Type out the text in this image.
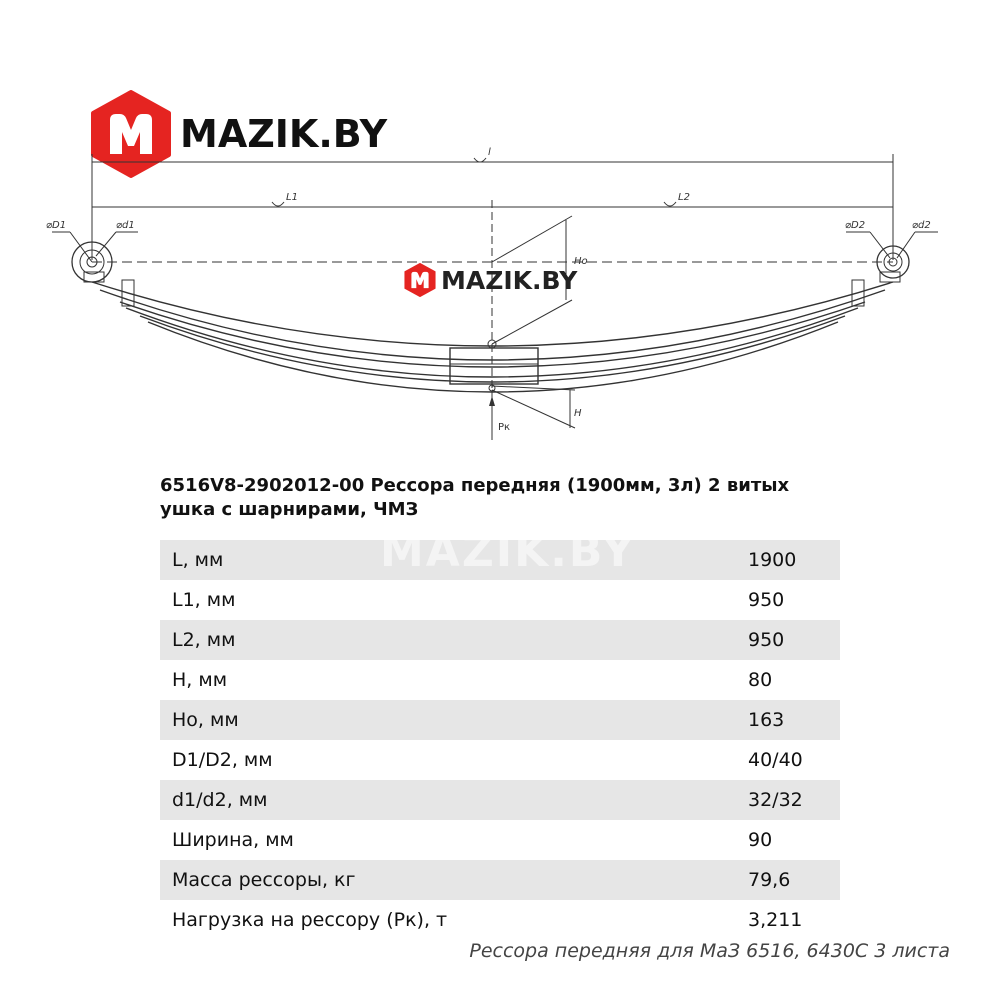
MAZIK.BY	l
L1	L2
⌀D1	⌀d1	⌀D2	⌀d2
Ho
H
Pк
MAZIK.BY
6516V8-2902012-00 Рессора передняя (1900мм, 3л) 2 витых ушка с шарнирами, ЧМЗ
L, мм	1900
L1, мм	950
L2, мм	950
H, мм	80
Ho, мм	163
D1/D2, мм	40/40
d1/d2, мм	32/32
Ширина, мм	90
Масса рессоры, кг	79,6
Нагрузка на рессору (Pк), т	3,211
MAZIK.BY
Рессора передняя для МаЗ 6516, 6430С 3 листа
